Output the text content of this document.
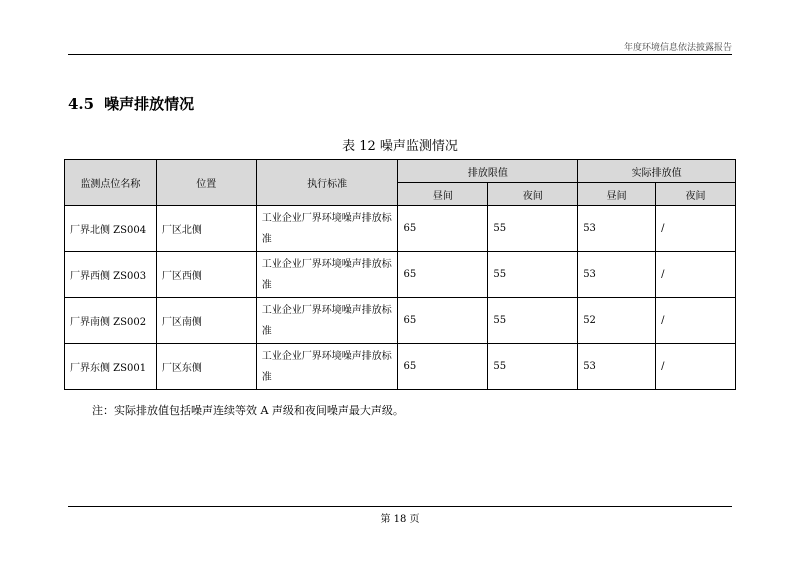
年度环境信息依法披露报告
4.5 噪声排放情况
表 12 噪声监测情况
监测点位名称	位置	执行标准	排放限值		实际排放值	
			昼间	夜间	昼间	夜间
厂界北侧 ZS004	厂区北侧	工业企业厂界环境噪声排放标准	65	55	53	/
厂界西侧 ZS003	厂区西侧	工业企业厂界环境噪声排放标准	65	55	53	/
厂界南侧 ZS002	厂区南侧	工业企业厂界环境噪声排放标准	65	55	52	/
厂界东侧 ZS001	厂区东侧	工业企业厂界环境噪声排放标准	65	55	53	/
注：实际排放值包括噪声连续等效 A 声级和夜间噪声最大声级。
第 18 页
